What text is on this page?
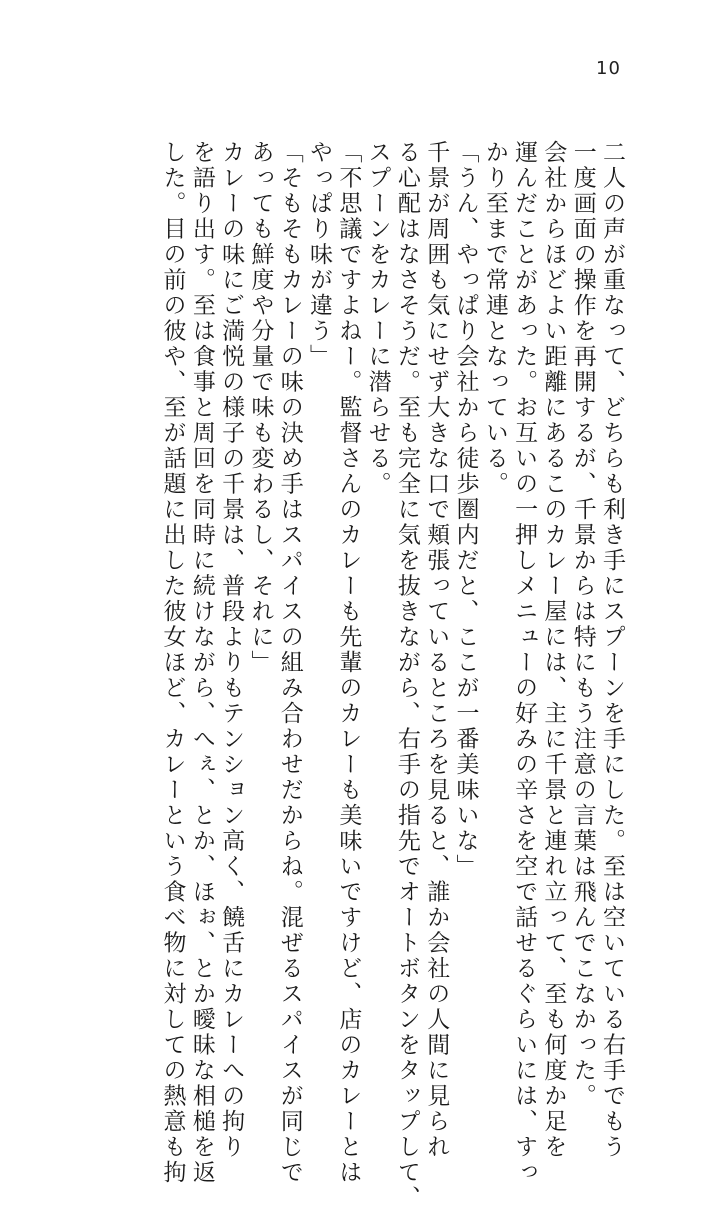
10
二人の声が重なって、どちらも利き手にスプーンを手にした。至は空いている右手でもう
一度画面の操作を再開するが、千景からは特にもう注意の言葉は飛んでこなかった。
会社からほどよい距離にあるこのカレー屋には、主に千景と連れ立って、至も何度か足を
運んだことがあった。お互いの一押しメニューの好みの辛さを空で話せるぐらいには、すっ
かり至まで常連となっている。
「うん、やっぱり会社から徒歩圏内だと、ここが一番美味いな」
千景が周囲も気にせず大きな口で頬張っているところを見ると、誰か会社の人間に見られ
る心配はなさそうだ。至も完全に気を抜きながら、右手の指先でオートボタンをタップして、
スプーンをカレーに潜らせる。
「不思議ですよねー。監督さんのカレーも先輩のカレーも美味いですけど、店のカレーとは
やっぱり味が違う」
「そもそもカレーの味の決め手はスパイスの組み合わせだからね。混ぜるスパイスが同じで
あっても鮮度や分量で味も変わるし、それに」
カレーの味にご満悦の様子の千景は、普段よりもテンション高く、饒舌にカレーへの拘り
を語り出す。至は食事と周回を同時に続けながら、へぇ、とか、ほぉ、とか曖昧な相槌を返
した。目の前の彼や、至が話題に出した彼女ほど、カレーという食べ物に対しての熱意も拘
